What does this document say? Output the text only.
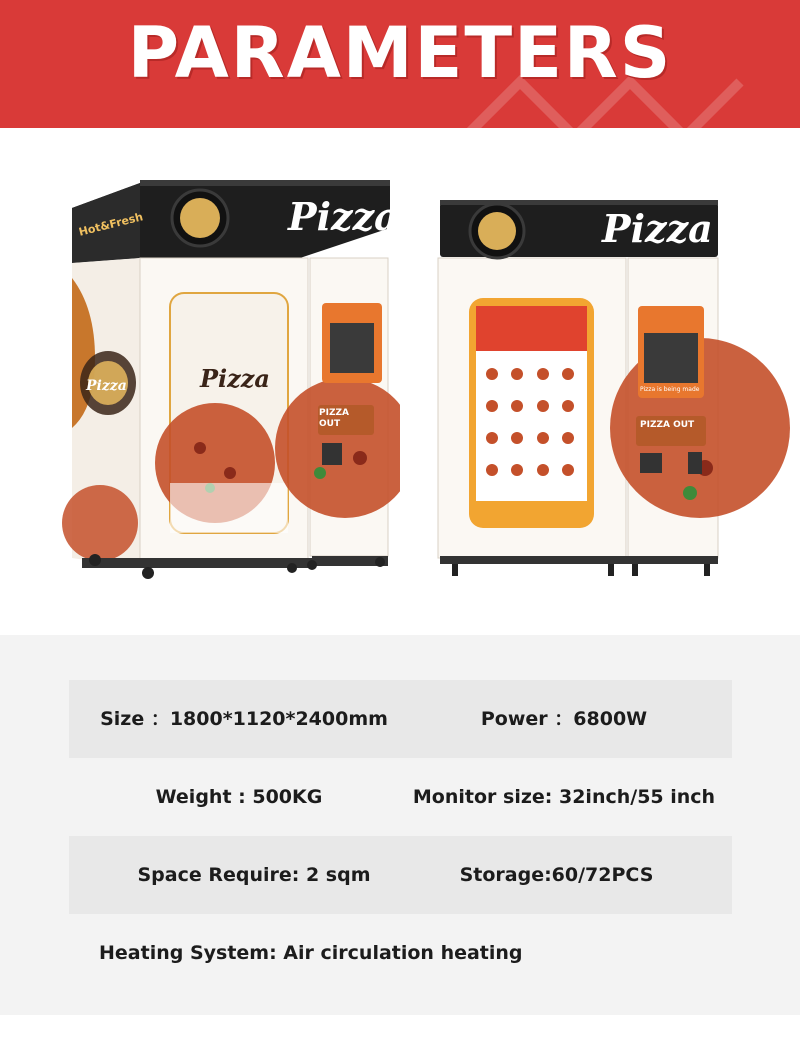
PARAMETERS
Pizza
Hot&Fresh
Pizza
Pizza
PIZZA OUT
Pizza
Pizza is being made
PIZZA OUT
Size ：1800*1120*2400mm	Power ：6800W
Weight : 500KG	Monitor size: 32inch/55 inch
Space Require: 2 sqm	Storage:60/72PCS
Heating System: Air circulation heating
